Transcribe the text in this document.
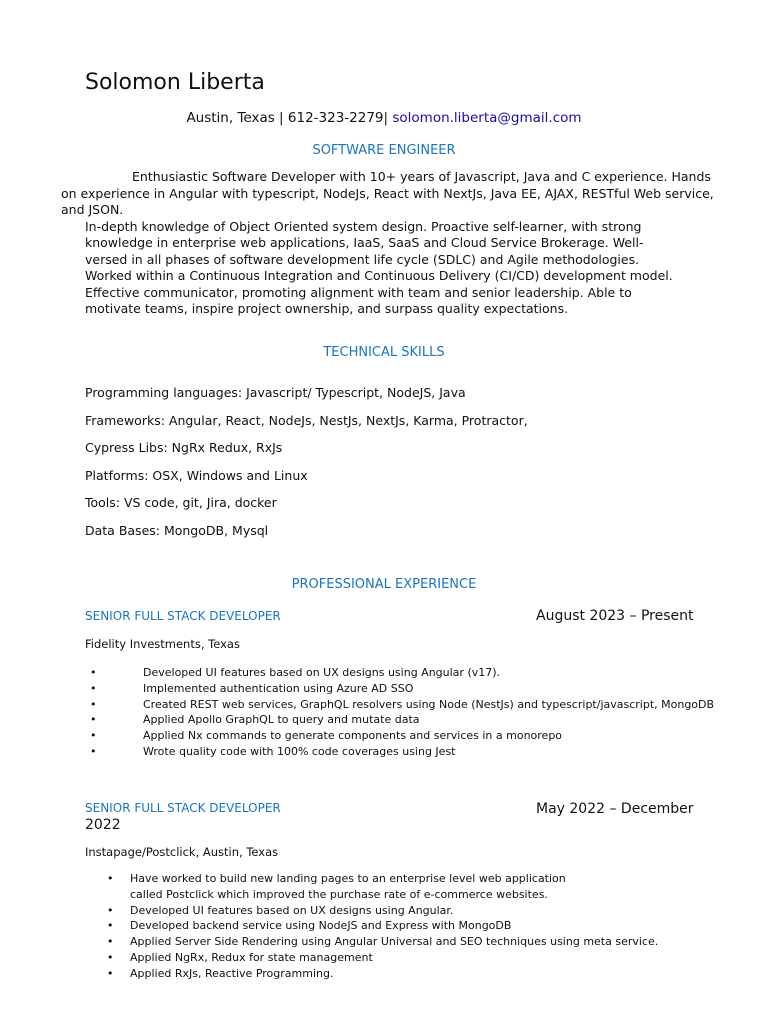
Solomon Liberta
Austin, Texas | 612-323-2279| solomon.liberta@gmail.com
SOFTWARE ENGINEER

Enthusiastic Software Developer with 10+ years of Javascript, Java and C experience. Hands on experience in Angular with typescript, NodeJs, React with NextJs, Java EE, AJAX, RESTful Web service, and JSON.

In-depth knowledge of Object Oriented system design. Proactive self-learner, with strong knowledge in enterprise web applications, IaaS, SaaS and Cloud Service Brokerage. Well-versed in all phases of software development life cycle (SDLC) and Agile methodologies.

Worked within a Continuous Integration and Continuous Delivery (CI/CD) development model.

Effective communicator, promoting alignment with team and senior leadership. Able to motivate teams, inspire project ownership, and surpass quality expectations.

TECHNICAL SKILLS
Programming languages: Javascript/ Typescript, NodeJS, Java
Frameworks: Angular, React, NodeJs, NestJs, NextJs, Karma, Protractor,
Cypress Libs: NgRx Redux, RxJs
Platforms: OSX, Windows and Linux
Tools: VS code, git, Jira, docker
Data Bases: MongoDB, Mysql
PROFESSIONAL EXPERIENCE
SENIOR FULL STACK DEVELOPER	August 2023 – Present
Fidelity Investments, Texas
•	Developed UI features based on UX designs using Angular (v17).
•	Implemented authentication using Azure AD SSO
•	Created REST web services, GraphQL resolvers using Node (NestJs) and typescript/javascript, MongoDB
•	Applied Apollo GraphQL to query and mutate data
•	Applied Nx commands to generate components and services in a monorepo
•	Wrote quality code with 100% code coverages using Jest
SENIOR FULL STACK DEVELOPER	May 2022 – December
2022
Instapage/Postclick, Austin, Texas
• Have worked to build new landing pages to an enterprise level web application
called Postclick which improved the purchase rate of e-commerce websites.
• Developed UI features based on UX designs using Angular.
• Developed backend service using NodeJS and Express with MongoDB
• Applied Server Side Rendering using Angular Universal and SEO techniques using meta service.
• Applied NgRx, Redux for state management
• Applied RxJs, Reactive Programming.
